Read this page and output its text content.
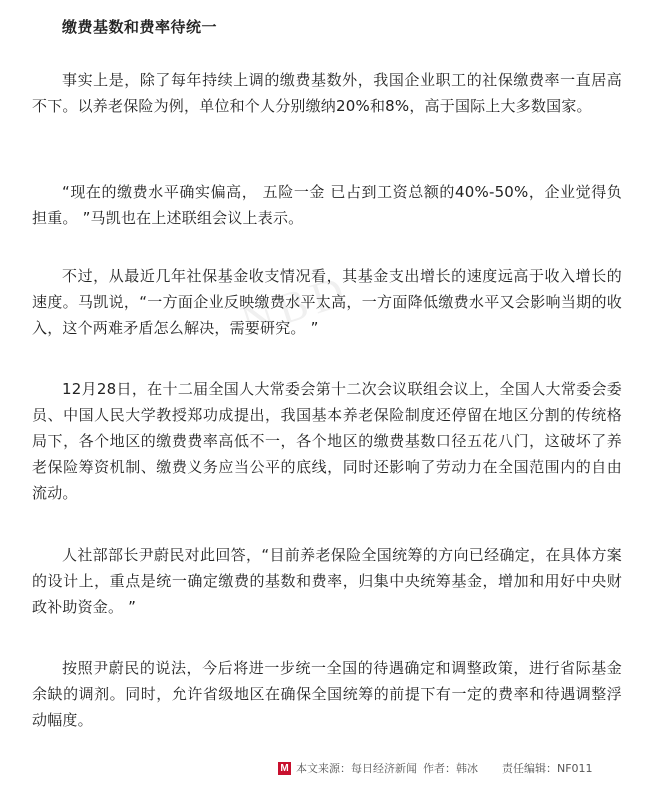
缴费基数和费率待统一

事实上是，除了每年持续上调的缴费基数外，我国企业职工的社保缴费率一直居高不下。以养老保险为例，单位和个人分别缴纳20%和8%，高于国际上大多数国家。

“现在的缴费水平确实偏高， 五险一金 已占到工资总额的40%-50%，企业觉得负担重。 ”马凯也在上述联组会议上表示。

不过，从最近几年社保基金收支情况看，其基金支出增长的速度远高于收入增长的速度。马凯说，“一方面企业反映缴费水平太高，一方面降低缴费水平又会影响当期的收入，这个两难矛盾怎么解决，需要研究。 ”

12月28日，在十二届全国人大常委会第十二次会议联组会议上，全国人大常委会委员、中国人民大学教授郑功成提出，我国基本养老保险制度还停留在地区分割的传统格局下，各个地区的缴费费率高低不一，各个地区的缴费基数口径五花八门，这破坏了养老保险筹资机制、缴费义务应当公平的底线，同时还影响了劳动力在全国范围内的自由流动。

人社部部长尹蔚民对此回答，“目前养老保险全国统筹的方向已经确定，在具体方案的设计上，重点是统一确定缴费的基数和费率，归集中央统筹基金，增加和用好中央财政补助资金。 ”

按照尹蔚民的说法，今后将进一步统一全国的待遇确定和调整政策，进行省际基金余缺的调剂。同时，允许省级地区在确保全国统筹的前提下有一定的费率和待遇调整浮动幅度。

NBD
M 本文来源： 每日经济新闻 作者： 韩冰 责任编辑： NF011
